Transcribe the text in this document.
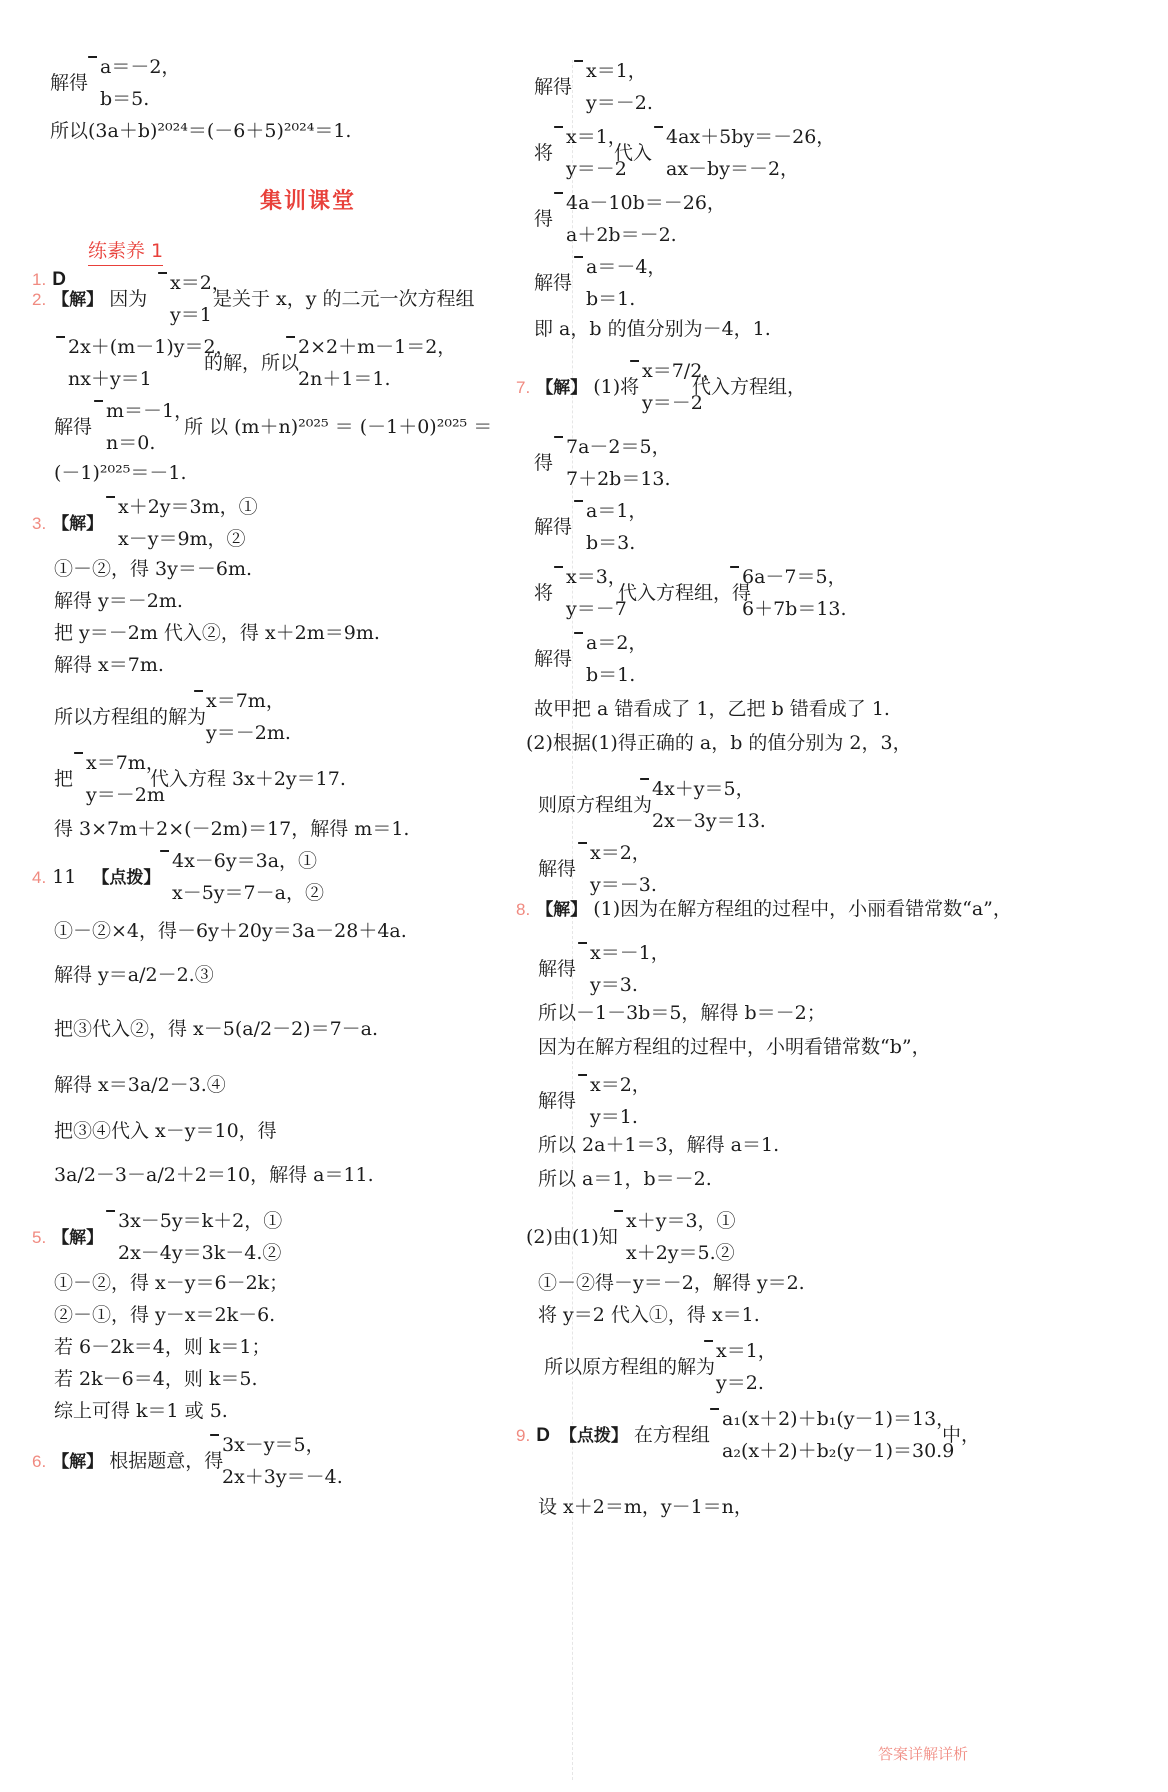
解得
a＝－2，
b＝5.
所以(3a＋b)²⁰²⁴＝(－6＋5)²⁰²⁴＝1.
集训课堂
练素养 1
1. D
2. 【解】 因为
x＝2，
y＝1
是关于 x，y 的二元一次方程组
2x＋(m－1)y＝2，
nx＋y＝1
的解，所以
2×2＋m－1＝2，
2n＋1＝1.
解得
m＝－1，
n＝0.
所 以 (m＋n)²⁰²⁵ ＝ (－1＋0)²⁰²⁵ ＝
(－1)²⁰²⁵＝－1.
3. 【解】
x＋2y＝3m，①
x－y＝9m，②
①－②，得 3y＝－6m.
解得 y＝－2m.
把 y＝－2m 代入②，得 x＋2m＝9m.
解得 x＝7m.
所以方程组的解为
x＝7m，
y＝－2m.
把
x＝7m，
y＝－2m
代入方程 3x＋2y＝17.
得 3×7m＋2×(－2m)＝17，解得 m＝1.
4. 11 【点拨】
4x－6y＝3a，①
x－5y＝7－a，②
①－②×4，得－6y＋20y＝3a－28＋4a.
解得 y＝a/2－2.③
把③代入②，得 x－5(a/2－2)＝7－a.
解得 x＝3a/2－3.④
把③④代入 x－y＝10，得
3a/2－3－a/2＋2＝10，解得 a＝11.
5. 【解】
3x－5y＝k＋2，①
2x－4y＝3k－4.②
①－②，得 x－y＝6－2k；
②－①，得 y－x＝2k－6.
若 6－2k＝4，则 k＝1；
若 2k－6＝4，则 k＝5.
综上可得 k＝1 或 5.
6. 【解】 根据题意，得
3x－y＝5，
2x＋3y＝－4.
解得
x＝1，
y＝－2.
将
x＝1，
y＝－2
代入
4ax＋5by＝－26，
ax－by＝－2，
得
4a－10b＝－26，
a＋2b＝－2.
解得
a＝－4，
b＝1.
即 a，b 的值分别为－4，1.
7. 【解】 (1)将
x＝7/2，
y＝－2
代入方程组，
得
7a－2＝5，
7＋2b＝13.
解得
a＝1，
b＝3.
将
x＝3，
y＝－7
代入方程组，得
6a－7＝5，
6＋7b＝13.
解得
a＝2，
b＝1.
故甲把 a 错看成了 1，乙把 b 错看成了 1.
(2)根据(1)得正确的 a，b 的值分别为 2，3，
则原方程组为
4x＋y＝5，
2x－3y＝13.
解得
x＝2，
y＝－3.
8. 【解】 (1)因为在解方程组的过程中，小丽看错常数“a”，
解得
x＝－1，
y＝3.
所以－1－3b＝5，解得 b＝－2；
因为在解方程组的过程中，小明看错常数“b”，
解得
x＝2，
y＝1.
所以 2a＋1＝3，解得 a＝1.
所以 a＝1，b＝－2.
(2)由(1)知
x＋y＝3，①
x＋2y＝5.②
①－②得－y＝－2，解得 y＝2.
将 y＝2 代入①，得 x＝1.
所以原方程组的解为
x＝1，
y＝2.
9. D 【点拨】 在方程组
a₁(x＋2)＋b₁(y－1)＝13，
a₂(x＋2)＋b₂(y－1)＝30.9
中，
设 x＋2＝m，y－1＝n，
答案详解详析
